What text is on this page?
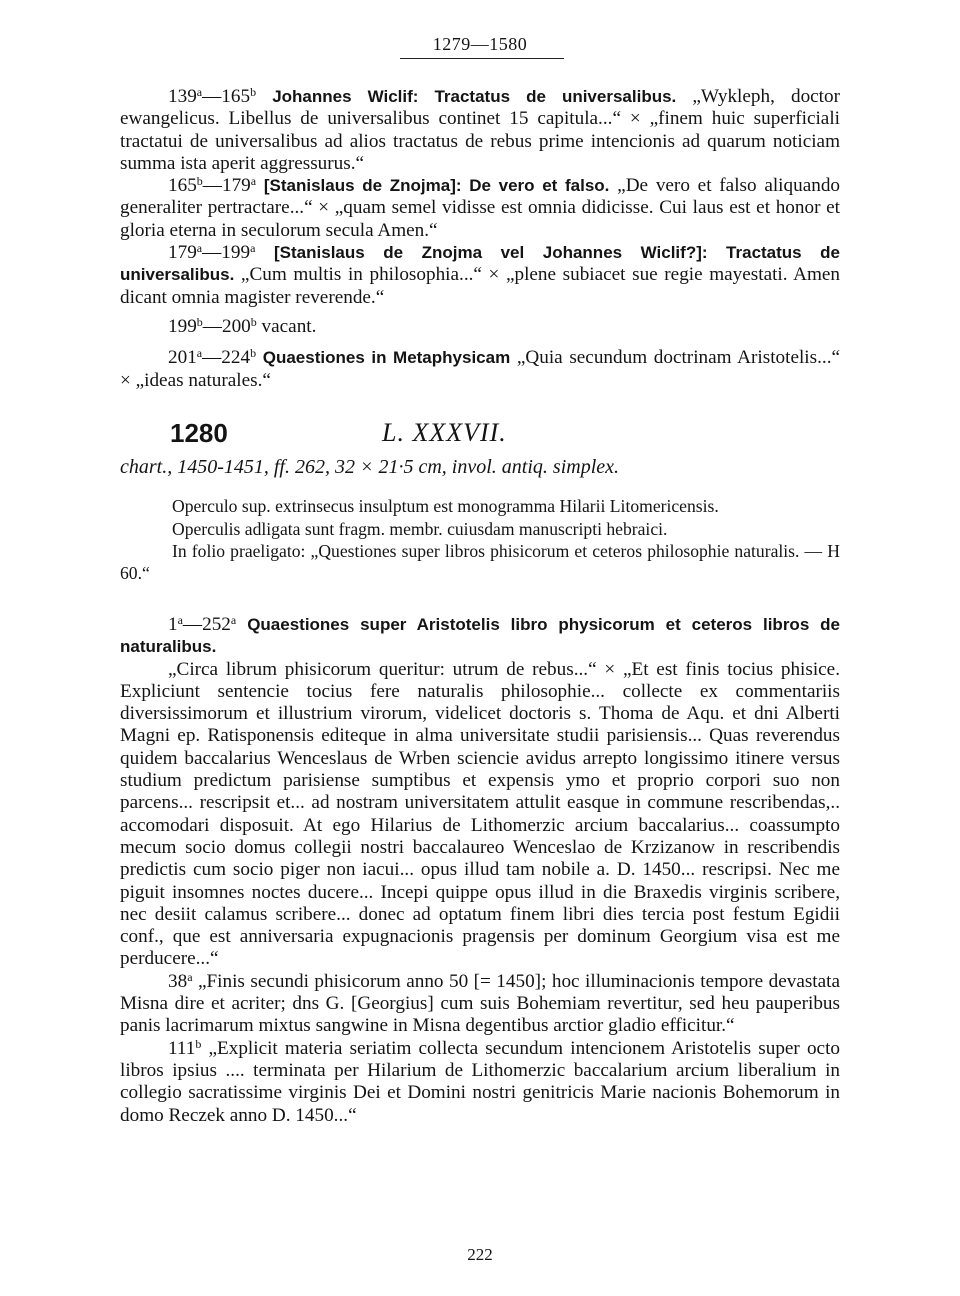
1279—1580

139$^a$—165$^b$ Johannes Wiclif: Tractatus de universalibus. „Wykleph, doctor ewangelicus. Libellus de universalibus continet 15 capitula...“ × „finem huic superficiali tractatui de universalibus ad alios tractatus de rebus prime intencionis ad quarum noticiam summa ista aperit aggressurus.“

165$^b$—179$^a$ [Stanislaus de Znojma]: De vero et falso. „De vero et falso aliquando generaliter pertractare...“ × „quam semel vidisse est omnia didicisse. Cui laus est et honor et gloria eterna in seculorum secula Amen.“

179$^a$—199$^a$ [Stanislaus de Znojma vel Johannes Wiclif?]: Tractatus de universalibus. „Cum multis in philosophia...“ × „plene subiacet sue regie mayestati. Amen dicant omnia magister reverende.“

199$^b$—200$^b$ vacant.

201$^a$—224$^b$ Quaestiones in Metaphysicam „Quia secundum doctrinam Aristotelis...“ × „ideas naturales.“

1280	L. XXXVII.
chart., 1450-1451, ff. 262, 32 × 21·5 cm, invol. antiq. simplex.

Operculo sup. extrinsecus insulptum est monogramma Hilarii Litomericensis.

Operculis adligata sunt fragm. membr. cuiusdam manuscripti hebraici.

In folio praeligato: „Questiones super libros phisicorum et ceteros philosophie naturalis. — H 60.“

1$^a$—252$^a$ Quaestiones super Aristotelis libro physicorum et ceteros libros de naturalibus.

„Circa librum phisicorum queritur: utrum de rebus...“ × „Et est finis tocius phisice. Expliciunt sentencie tocius fere naturalis philosophie... collecte ex commentariis diversissimorum et illustrium virorum, videlicet doctoris s. Thoma de Aqu. et dni Alberti Magni ep. Ratisponensis editeque in alma universitate studii parisiensis... Quas reverendus quidem baccalarius Wenceslaus de Wrben sciencie avidus arrepto longissimo itinere versus studium predictum parisiense sumptibus et expensis ymo et proprio corpori suo non parcens... rescripsit et... ad nostram universitatem attulit easque in commune rescribendas,.. accomodari disposuit. At ego Hilarius de Lithomerzic arcium baccalarius... coassumpto mecum socio domus collegii nostri baccalaureo Wenceslao de Krzizanow in rescribendis predictis cum socio piger non iacui... opus illud tam nobile a. D. 1450... rescripsi. Nec me piguit insomnes noctes ducere... Incepi quippe opus illud in die Braxedis virginis scribere, nec desiit calamus scribere... donec ad optatum finem libri dies tercia post festum Egidii conf., que est anniversaria expugnacionis pragensis per dominum Georgium visa est me perducere...“

38$^a$ „Finis secundi phisicorum anno 50 [= 1450]; hoc illuminacionis tempore devastata Misna dire et acriter; dns G. [Georgius] cum suis Bohemiam revertitur, sed heu pauperibus panis lacrimarum mixtus sangwine in Misna degentibus arctior gladio efficitur.“

111$^b$ „Explicit materia seriatim collecta secundum intencionem Aristotelis super octo libros ipsius .... terminata per Hilarium de Lithomerzic baccalarium arcium liberalium in collegio sacratissime virginis Dei et Domini nostri genitricis Marie nacionis Bohemorum in domo Reczek anno D. 1450...“

222
